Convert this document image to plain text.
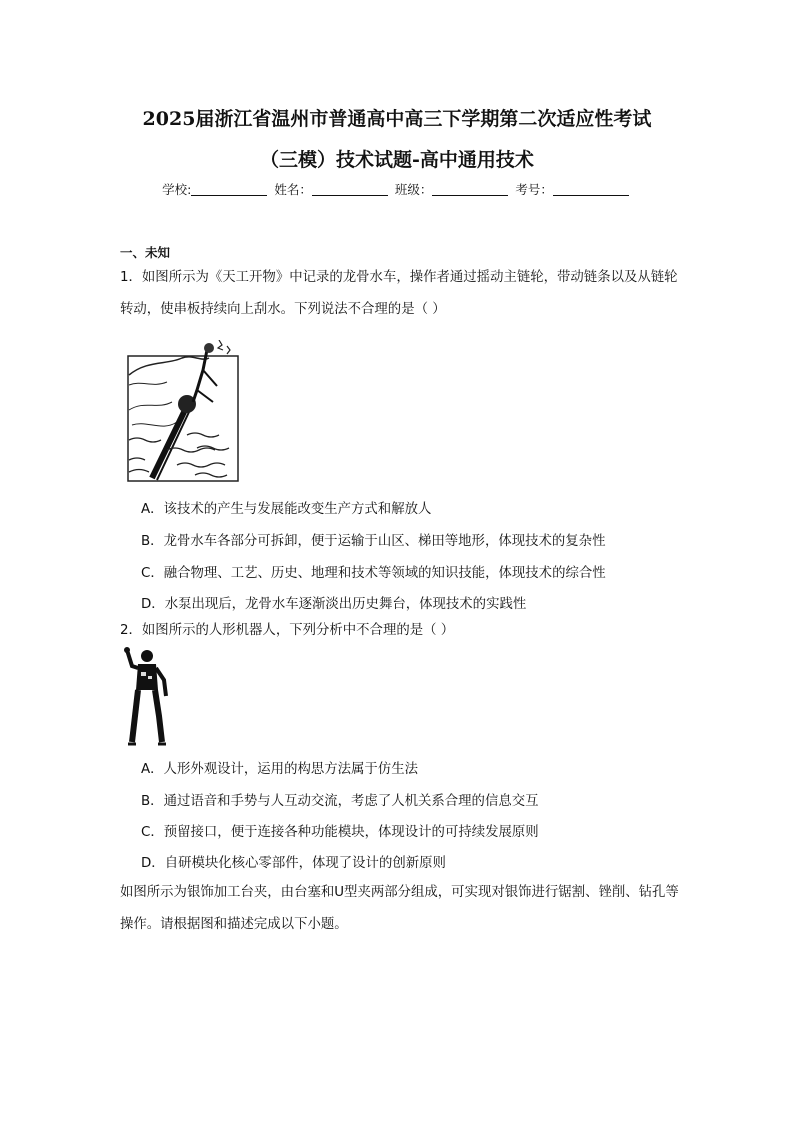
2025届浙江省温州市普通高中高三下学期第二次适应性考试
（三模）技术试题-高中通用技术
学校:	姓名：	班级：	考号：
一、未知
1．如图所示为《天工开物》中记录的龙骨水车，操作者通过摇动主链轮，带动链条以及从链轮转动，使串板持续向上刮水。下列说法不合理的是（ ）
A．该技术的产生与发展能改变生产方式和解放人
B．龙骨水车各部分可拆卸，便于运输于山区、梯田等地形，体现技术的复杂性
C．融合物理、工艺、历史、地理和技术等领域的知识技能，体现技术的综合性
D．水泵出现后，龙骨水车逐渐淡出历史舞台，体现技术的实践性
2．如图所示的人形机器人，下列分析中不合理的是（ ）
A．人形外观设计，运用的构思方法属于仿生法
B．通过语音和手势与人互动交流，考虑了人机关系合理的信息交互
C．预留接口，便于连接各种功能模块，体现设计的可持续发展原则
D．自研模块化核心零部件，体现了设计的创新原则
如图所示为银饰加工台夹，由台塞和U型夹两部分组成，可实现对银饰进行锯割、锉削、钻孔等操作。请根据图和描述完成以下小题。
